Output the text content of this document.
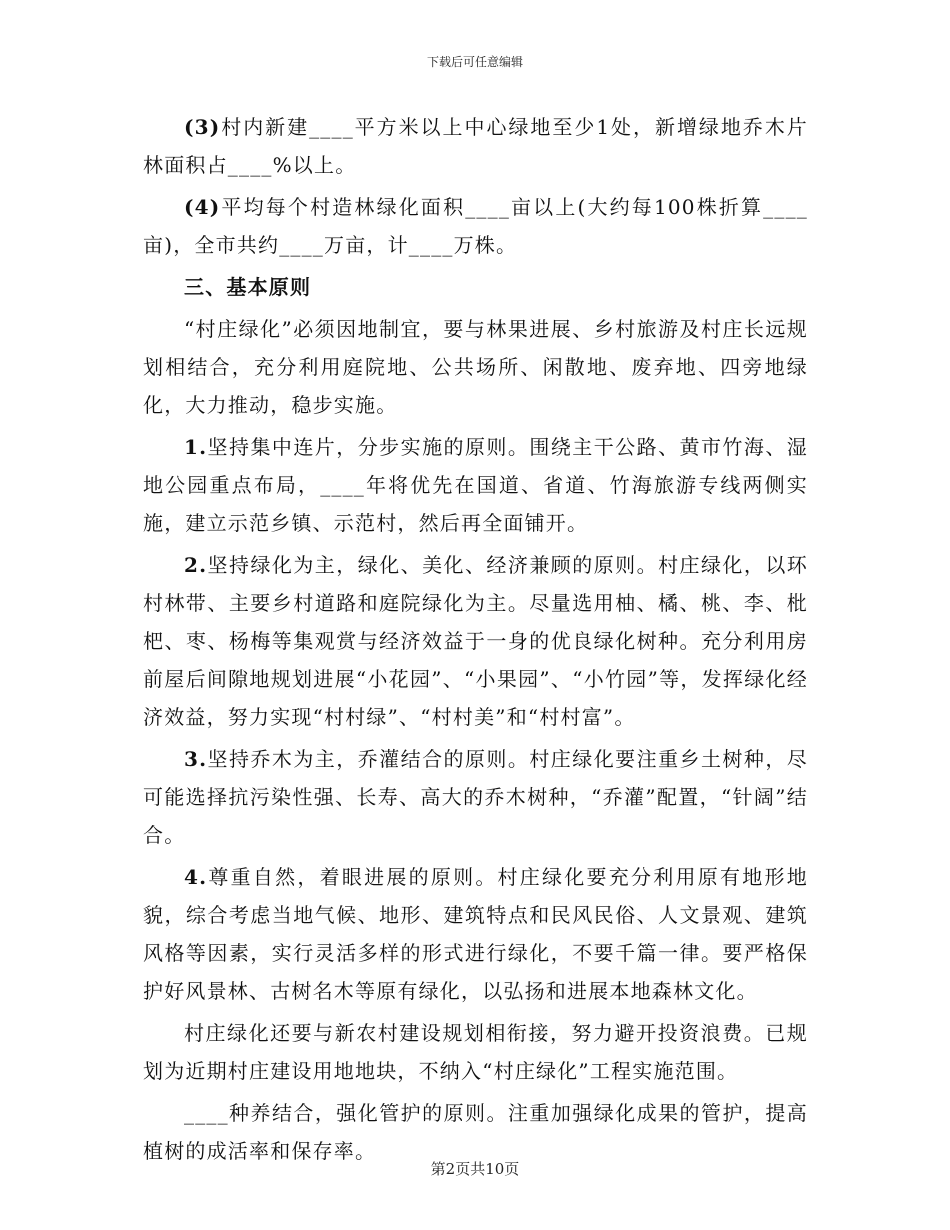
下载后可任意编辑

(3)村内新建____平方米以上中心绿地至少1处，新增绿地乔木片林面积占____%以上。

(4)平均每个村造林绿化面积____亩以上(大约每100株折算____亩)，全市共约____万亩，计____万株。

三、基本原则

“村庄绿化”必须因地制宜，要与林果进展、乡村旅游及村庄长远规划相结合，充分利用庭院地、公共场所、闲散地、废弃地、四旁地绿化，大力推动，稳步实施。

1.坚持集中连片，分步实施的原则。围绕主干公路、黄市竹海、湿地公园重点布局，____年将优先在国道、省道、竹海旅游专线两侧实施，建立示范乡镇、示范村，然后再全面铺开。

2.坚持绿化为主，绿化、美化、经济兼顾的原则。村庄绿化，以环村林带、主要乡村道路和庭院绿化为主。尽量选用柚、橘、桃、李、枇杷、枣、杨梅等集观赏与经济效益于一身的优良绿化树种。充分利用房前屋后间隙地规划进展“小花园”、“小果园”、“小竹园”等，发挥绿化经济效益，努力实现“村村绿”、“村村美”和“村村富”。

3.坚持乔木为主，乔灌结合的原则。村庄绿化要注重乡土树种，尽可能选择抗污染性强、长寿、高大的乔木树种，“乔灌”配置，“针阔”结合。

4.尊重自然，着眼进展的原则。村庄绿化要充分利用原有地形地貌，综合考虑当地气候、地形、建筑特点和民风民俗、人文景观、建筑风格等因素，实行灵活多样的形式进行绿化，不要千篇一律。要严格保护好风景林、古树名木等原有绿化，以弘扬和进展本地森林文化。

村庄绿化还要与新农村建设规划相衔接，努力避开投资浪费。已规划为近期村庄建设用地地块，不纳入“村庄绿化”工程实施范围。

____种养结合，强化管护的原则。注重加强绿化成果的管护，提高植树的成活率和保存率。

第2页共10页
